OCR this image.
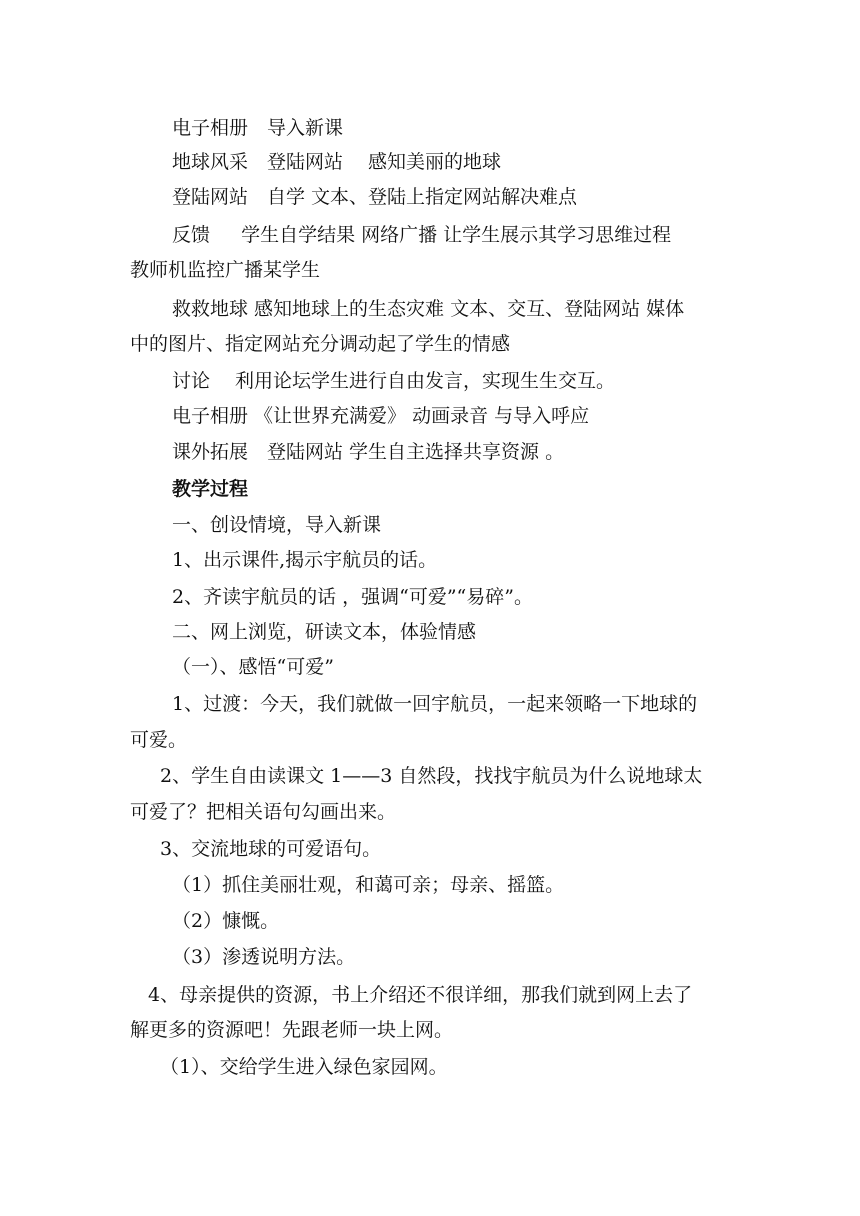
电子相册　导入新课
地球风采　登陆网站　 感知美丽的地球
登陆网站　自学 文本、登陆上指定网站解决难点
反馈 　 学生自学结果 网络广播 让学生展示其学习思维过程
教师机监控广播某学生
救救地球 感知地球上的生态灾难 文本、交互、登陆网站 媒体
中的图片、指定网站充分调动起了学生的情感
讨论 　利用论坛学生进行自由发言，实现生生交互。
电子相册 《让世界充满爱》 动画录音 与导入呼应
课外拓展　登陆网站 学生自主选择共享资源 。
教学过程
一、创设情境，导入新课
1、出示课件,揭示宇航员的话。
2、齐读宇航员的话 ，强调“可爱”“易碎”。
二、网上浏览，研读文本，体验情感
（一）、感悟“可爱”
1、过渡：今天，我们就做一回宇航员，一起来领略一下地球的
可爱。
2、学生自由读课文 1——3 自然段，找找宇航员为什么说地球太
可爱了？把相关语句勾画出来。
3、交流地球的可爱语句。
（1）抓住美丽壮观，和蔼可亲；母亲、摇篮。
（2）慷慨。
（3）渗透说明方法。
4、母亲提供的资源，书上介绍还不很详细，那我们就到网上去了
解更多的资源吧！先跟老师一块上网。
（1）、交给学生进入绿色家园网。
